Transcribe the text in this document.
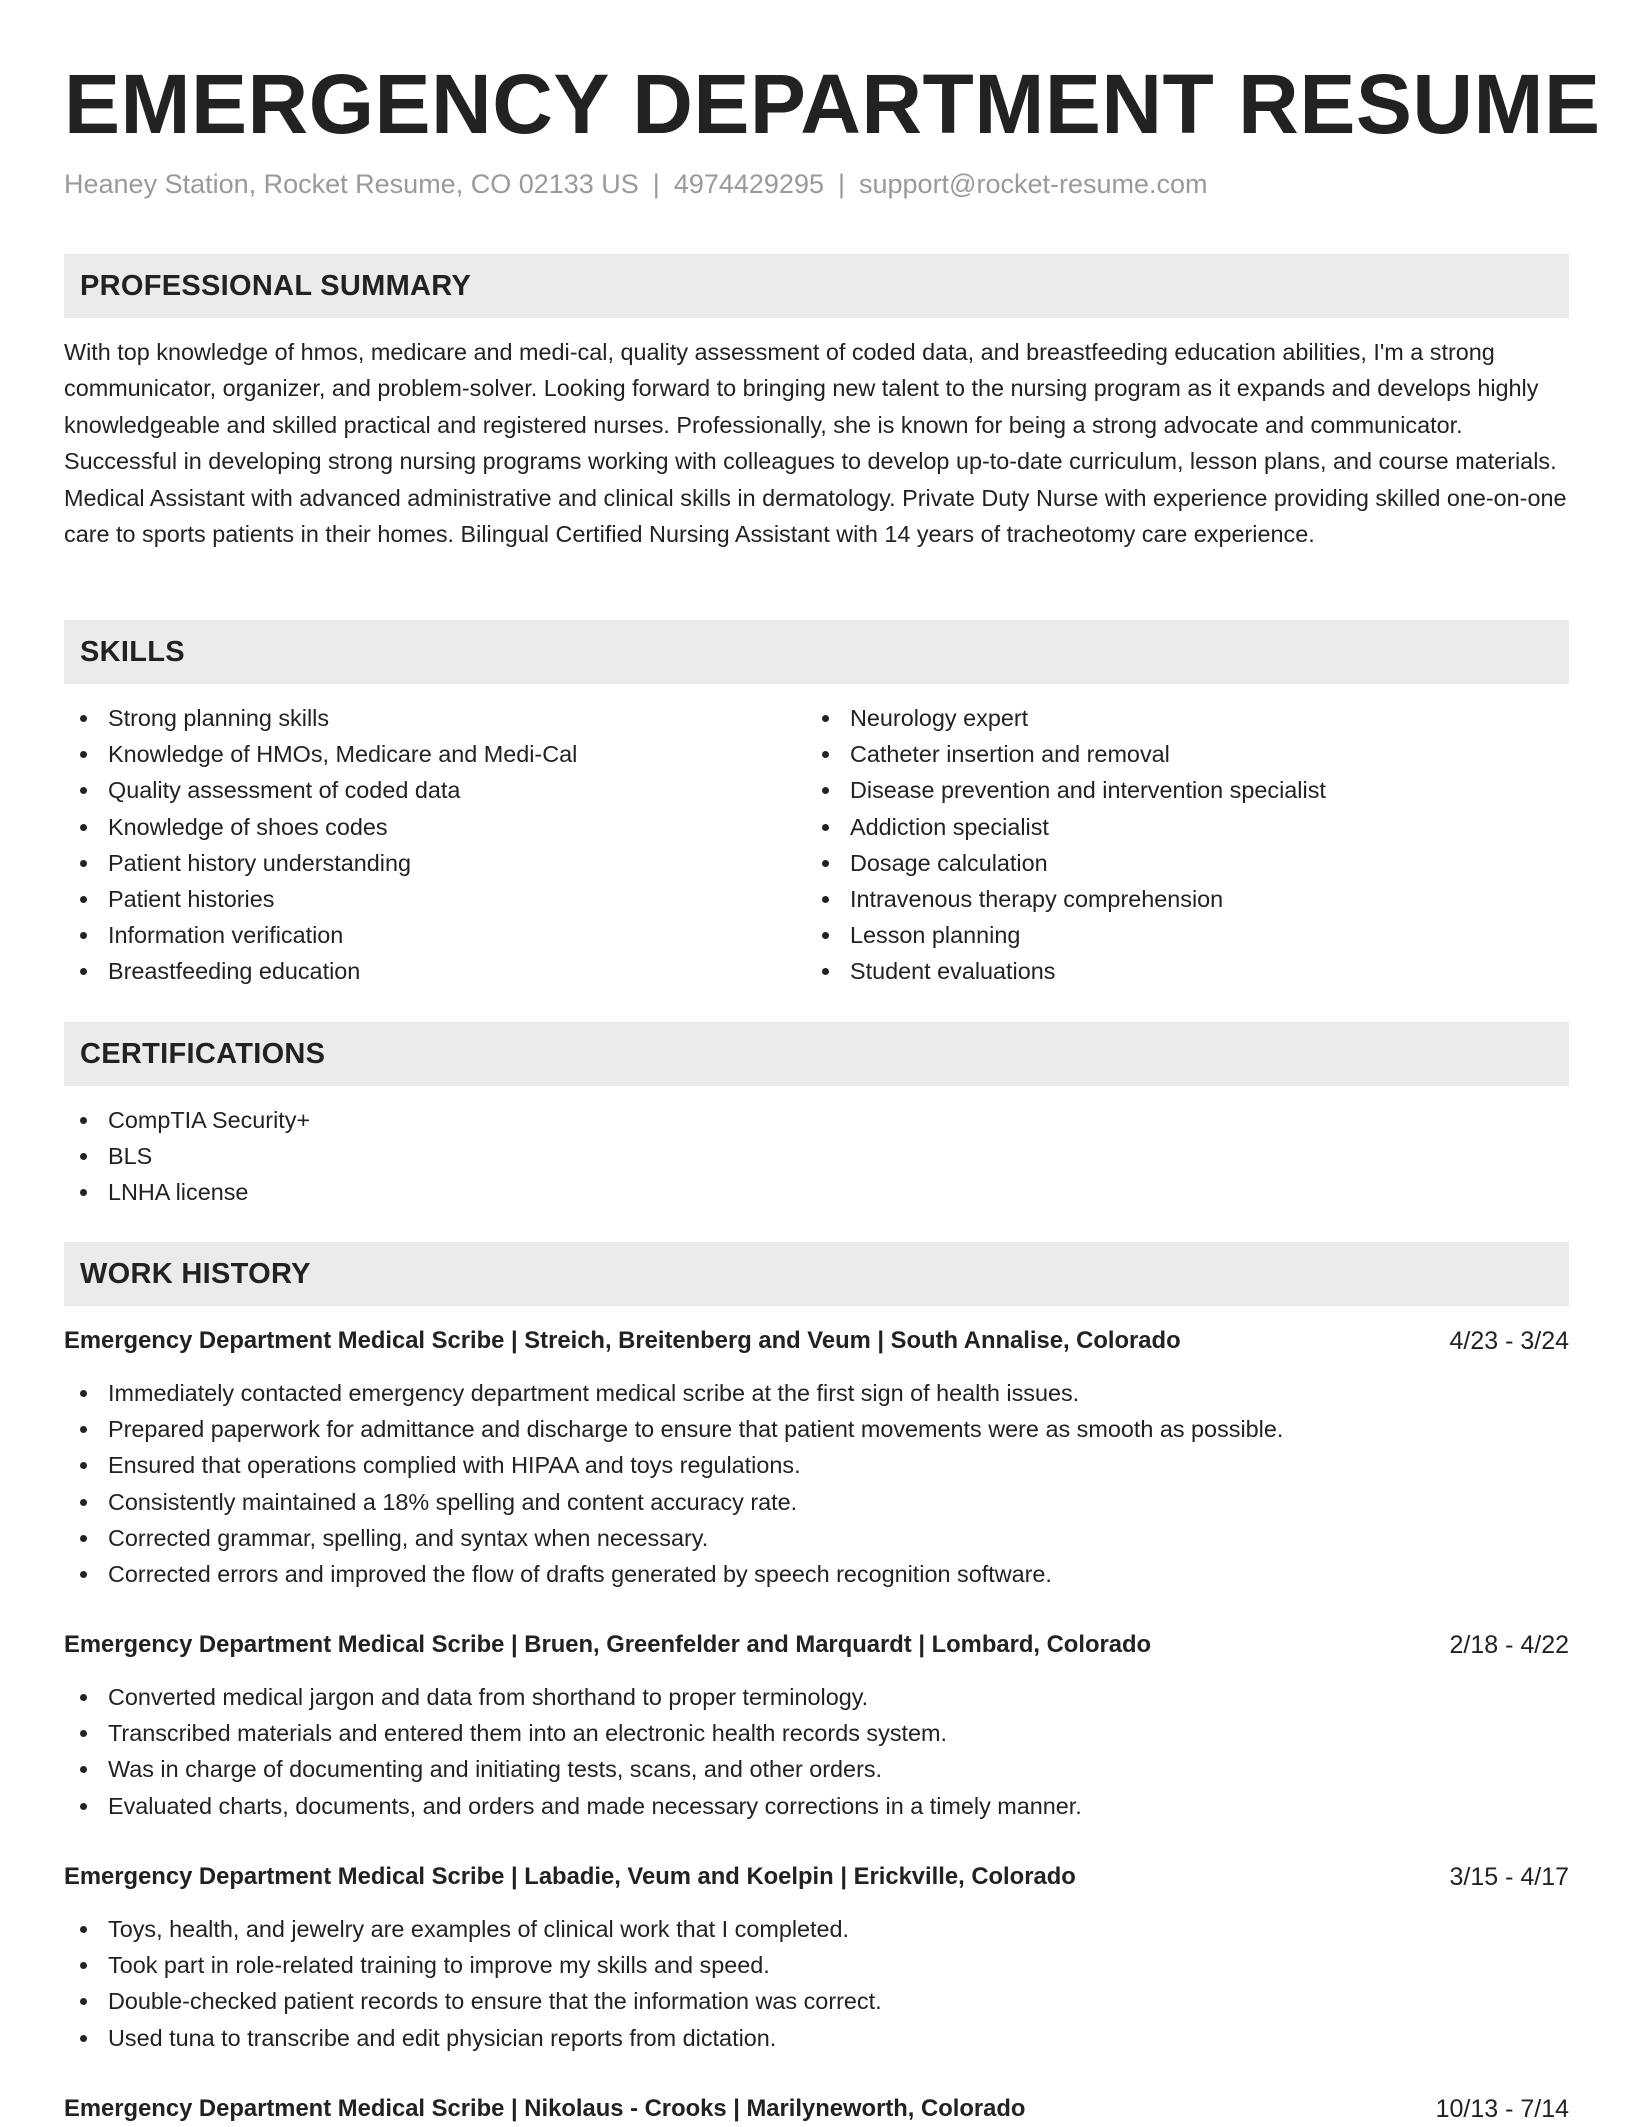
EMERGENCY DEPARTMENT RESUME
Heaney Station, Rocket Resume, CO 02133 US | 4974429295 | support@rocket-resume.com
PROFESSIONAL SUMMARY
With top knowledge of hmos, medicare and medi-cal, quality assessment of coded data, and breastfeeding education abilities, I'm a strong communicator, organizer, and problem-solver. Looking forward to bringing new talent to the nursing program as it expands and develops highly knowledgeable and skilled practical and registered nurses. Professionally, she is known for being a strong advocate and communicator. Successful in developing strong nursing programs working with colleagues to develop up-to-date curriculum, lesson plans, and course materials. Medical Assistant with advanced administrative and clinical skills in dermatology. Private Duty Nurse with experience providing skilled one-on-one care to sports patients in their homes. Bilingual Certified Nursing Assistant with 14 years of tracheotomy care experience.
SKILLS
Strong planning skills
Knowledge of HMOs, Medicare and Medi-Cal
Quality assessment of coded data
Knowledge of shoes codes
Patient history understanding
Patient histories
Information verification
Breastfeeding education
Neurology expert
Catheter insertion and removal
Disease prevention and intervention specialist
Addiction specialist
Dosage calculation
Intravenous therapy comprehension
Lesson planning
Student evaluations
CERTIFICATIONS
CompTIA Security+
BLS
LNHA license
WORK HISTORY
Emergency Department Medical Scribe | Streich, Breitenberg and Veum | South Annalise, Colorado	4/23 - 3/24
Immediately contacted emergency department medical scribe at the first sign of health issues.
Prepared paperwork for admittance and discharge to ensure that patient movements were as smooth as possible.
Ensured that operations complied with HIPAA and toys regulations.
Consistently maintained a 18% spelling and content accuracy rate.
Corrected grammar, spelling, and syntax when necessary.
Corrected errors and improved the flow of drafts generated by speech recognition software.
Emergency Department Medical Scribe | Bruen, Greenfelder and Marquardt | Lombard, Colorado	2/18 - 4/22
Converted medical jargon and data from shorthand to proper terminology.
Transcribed materials and entered them into an electronic health records system.
Was in charge of documenting and initiating tests, scans, and other orders.
Evaluated charts, documents, and orders and made necessary corrections in a timely manner.
Emergency Department Medical Scribe | Labadie, Veum and Koelpin | Erickville, Colorado	3/15 - 4/17
Toys, health, and jewelry are examples of clinical work that I completed.
Took part in role-related training to improve my skills and speed.
Double-checked patient records to ensure that the information was correct.
Used tuna to transcribe and edit physician reports from dictation.
Emergency Department Medical Scribe | Nikolaus - Crooks | Marilyneworth, Colorado	10/13 - 7/14
